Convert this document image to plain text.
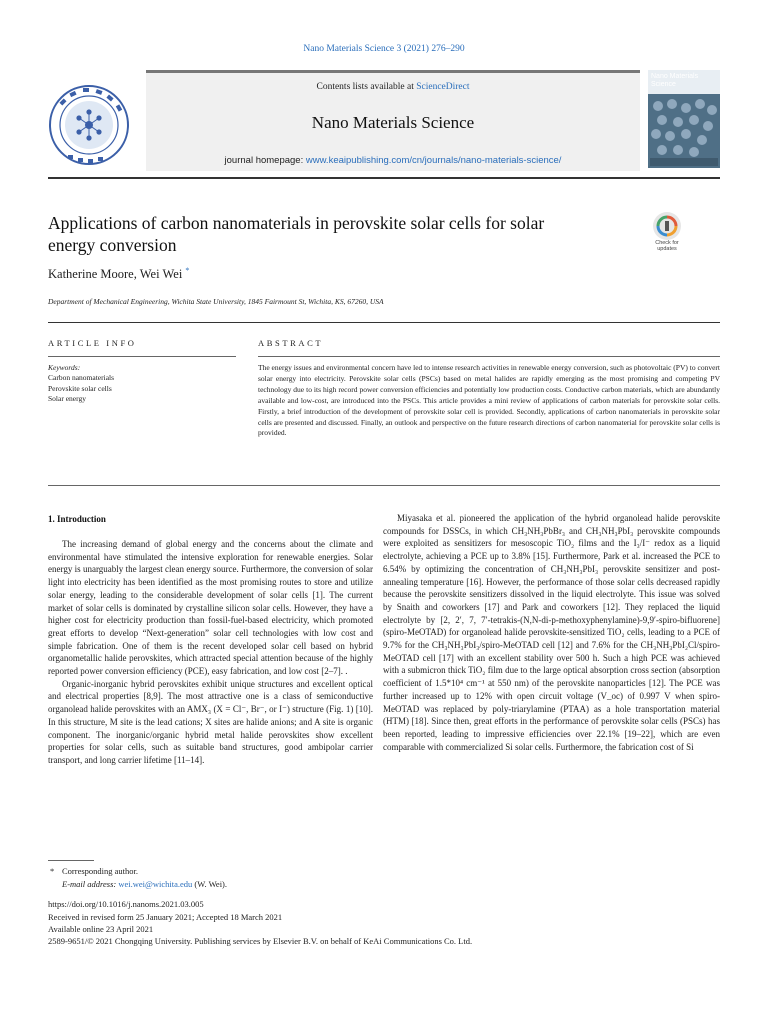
Nano Materials Science 3 (2021) 276–290
Contents lists available at ScienceDirect
Nano Materials Science
journal homepage: www.keaipublishing.com/cn/journals/nano-materials-science/
Nano Materials Science
Applications of carbon nanomaterials in perovskite solar cells for solar
energy conversion	Check for
updates
Katherine Moore, Wei Wei *
Department of Mechanical Engineering, Wichita State University, 1845 Fairmount St, Wichita, KS, 67260, USA
ARTICLE INFO	ABSTRACT
Keywords:
Carbon nanomaterials
Perovskite solar cells
Solar energy
The energy issues and environmental concern have led to intense research activities in renewable energy conversion, such as photovoltaic (PV) to convert solar energy into electricity. Perovskite solar cells (PSCs) based on metal halides are rapidly emerging as the most promising and competing PV technology due to its high record power conversion efficiencies and potentially low production costs. Conductive carbon materials, which are abundantly available and low-cost, are introduced into the PSCs. This article provides a mini review of applications of carbon materials for perovskite solar cells. Firstly, a brief introduction of the development of perovskite solar cell is provided. Secondly, applications of carbon nanomaterials in perovskite solar cells are presented and discussed. Finally, an outlook and perspective on the future research directions of carbon nanomaterial for perovskite solar cells is provided.
1. Introduction

The increasing demand of global energy and the concerns about the climate and environmental have stimulated the intensive exploration for renewable energies. Solar energy is unarguably the largest clean energy source. Furthermore, the conversion of solar light into electricity has been identified as the most promising routes to store and utilize solar energy, leading to the considerable development of solar cells [1]. The current market of solar cells is dominated by crystalline silicon solar cells. However, they have a higher cost for electricity production than fossil-fuel-based electricity, which promoted great efforts to develop “Next-generation” solar cell technologies with low cost and simple fabrication. One of them is the recent developed solar cell based on hybrid organometallic halide perovskites, which attracted special attention because of the highly reported power conversion efficiency (PCE), easy fabrication, and low cost [2–7]. .

Organic-inorganic hybrid perovskites exhibit unique structures and excellent optical and electrical properties [8,9]. The most attractive one is a class of semiconductive organolead halide perovskites with an AMX₃ (X = Cl⁻, Br⁻, or I⁻) structure (Fig. 1) [10]. In this structure, M site is the lead cations; X sites are halide anions; and A site is organic component. The inorganic/organic hybrid metal halide perovskites show excellent properties for solar cells, such as suitable band structures, good ambipolar carrier transport, and long carrier lifetime [11–14].

Miyasaka et al. pioneered the application of the hybrid organolead halide perovskite compounds for DSSCs, in which CH₃NH₃PbBr₃ and CH₃NH₃PbI₃ perovskite compounds were exploited as sensitizers for mesoscopic TiO₂ films and the I₃/I⁻ redox as a liquid electrolyte, achieving a PCE up to 3.8% [15]. Furthermore, Park et al. increased the PCE to 6.54% by optimizing the concentration of CH₃NH₃PbI₃ perovskite sensitizer and post-annealing temperature [16]. However, the performance of those solar cells decreased rapidly because the perovskite sensitizers dissolved in the liquid electrolyte. This issue was solved by Snaith and coworkers [17] and Park and coworkers [12]. They replaced the liquid electrolyte by [2, 2′, 7, 7′-tetrakis-(N,N-di-p-methoxyphenylamine)-9,9′-spiro-bifluorene] (spiro-MeOTAD) for organolead halide perovskite-sensitized TiO₂ cells, leading to a PCE of 9.7% for the CH₃NH₃PbI₃/spiro-MeOTAD cell [12] and 7.6% for the CH₃NH₃PbI₂Cl/spiro-MeOTAD cell [17] with an excellent stability over 500 h. Such a high PCE was achieved with a submicron thick TiO₂ film due to the large optical absorption cross section (absorption coefficient of 1.5*10⁴ cm⁻¹ at 550 nm) of the perovskite nanoparticles [12]. The PCE was further increased up to 12% with open circuit voltage (V_oc) of 0.997 V when spiro-MeOTAD was replaced by poly-triarylamine (PTAA) as a hole transportation material (HTM) [18]. Since then, great efforts in the performance of perovskite solar cells (PSCs) has been reported, leading to impressive efficiencies over 22.1% [19–22], which are even comparable with commercialized Si solar cells. Furthermore, the fabrication cost of Si

* Corresponding author.
E-mail address: wei.wei@wichita.edu (W. Wei).
https://doi.org/10.1016/j.nanoms.2021.03.005
Received in revised form 25 January 2021; Accepted 18 March 2021
Available online 23 April 2021
2589-9651/© 2021 Chongqing University. Publishing services by Elsevier B.V. on behalf of KeAi Communications Co. Ltd.
